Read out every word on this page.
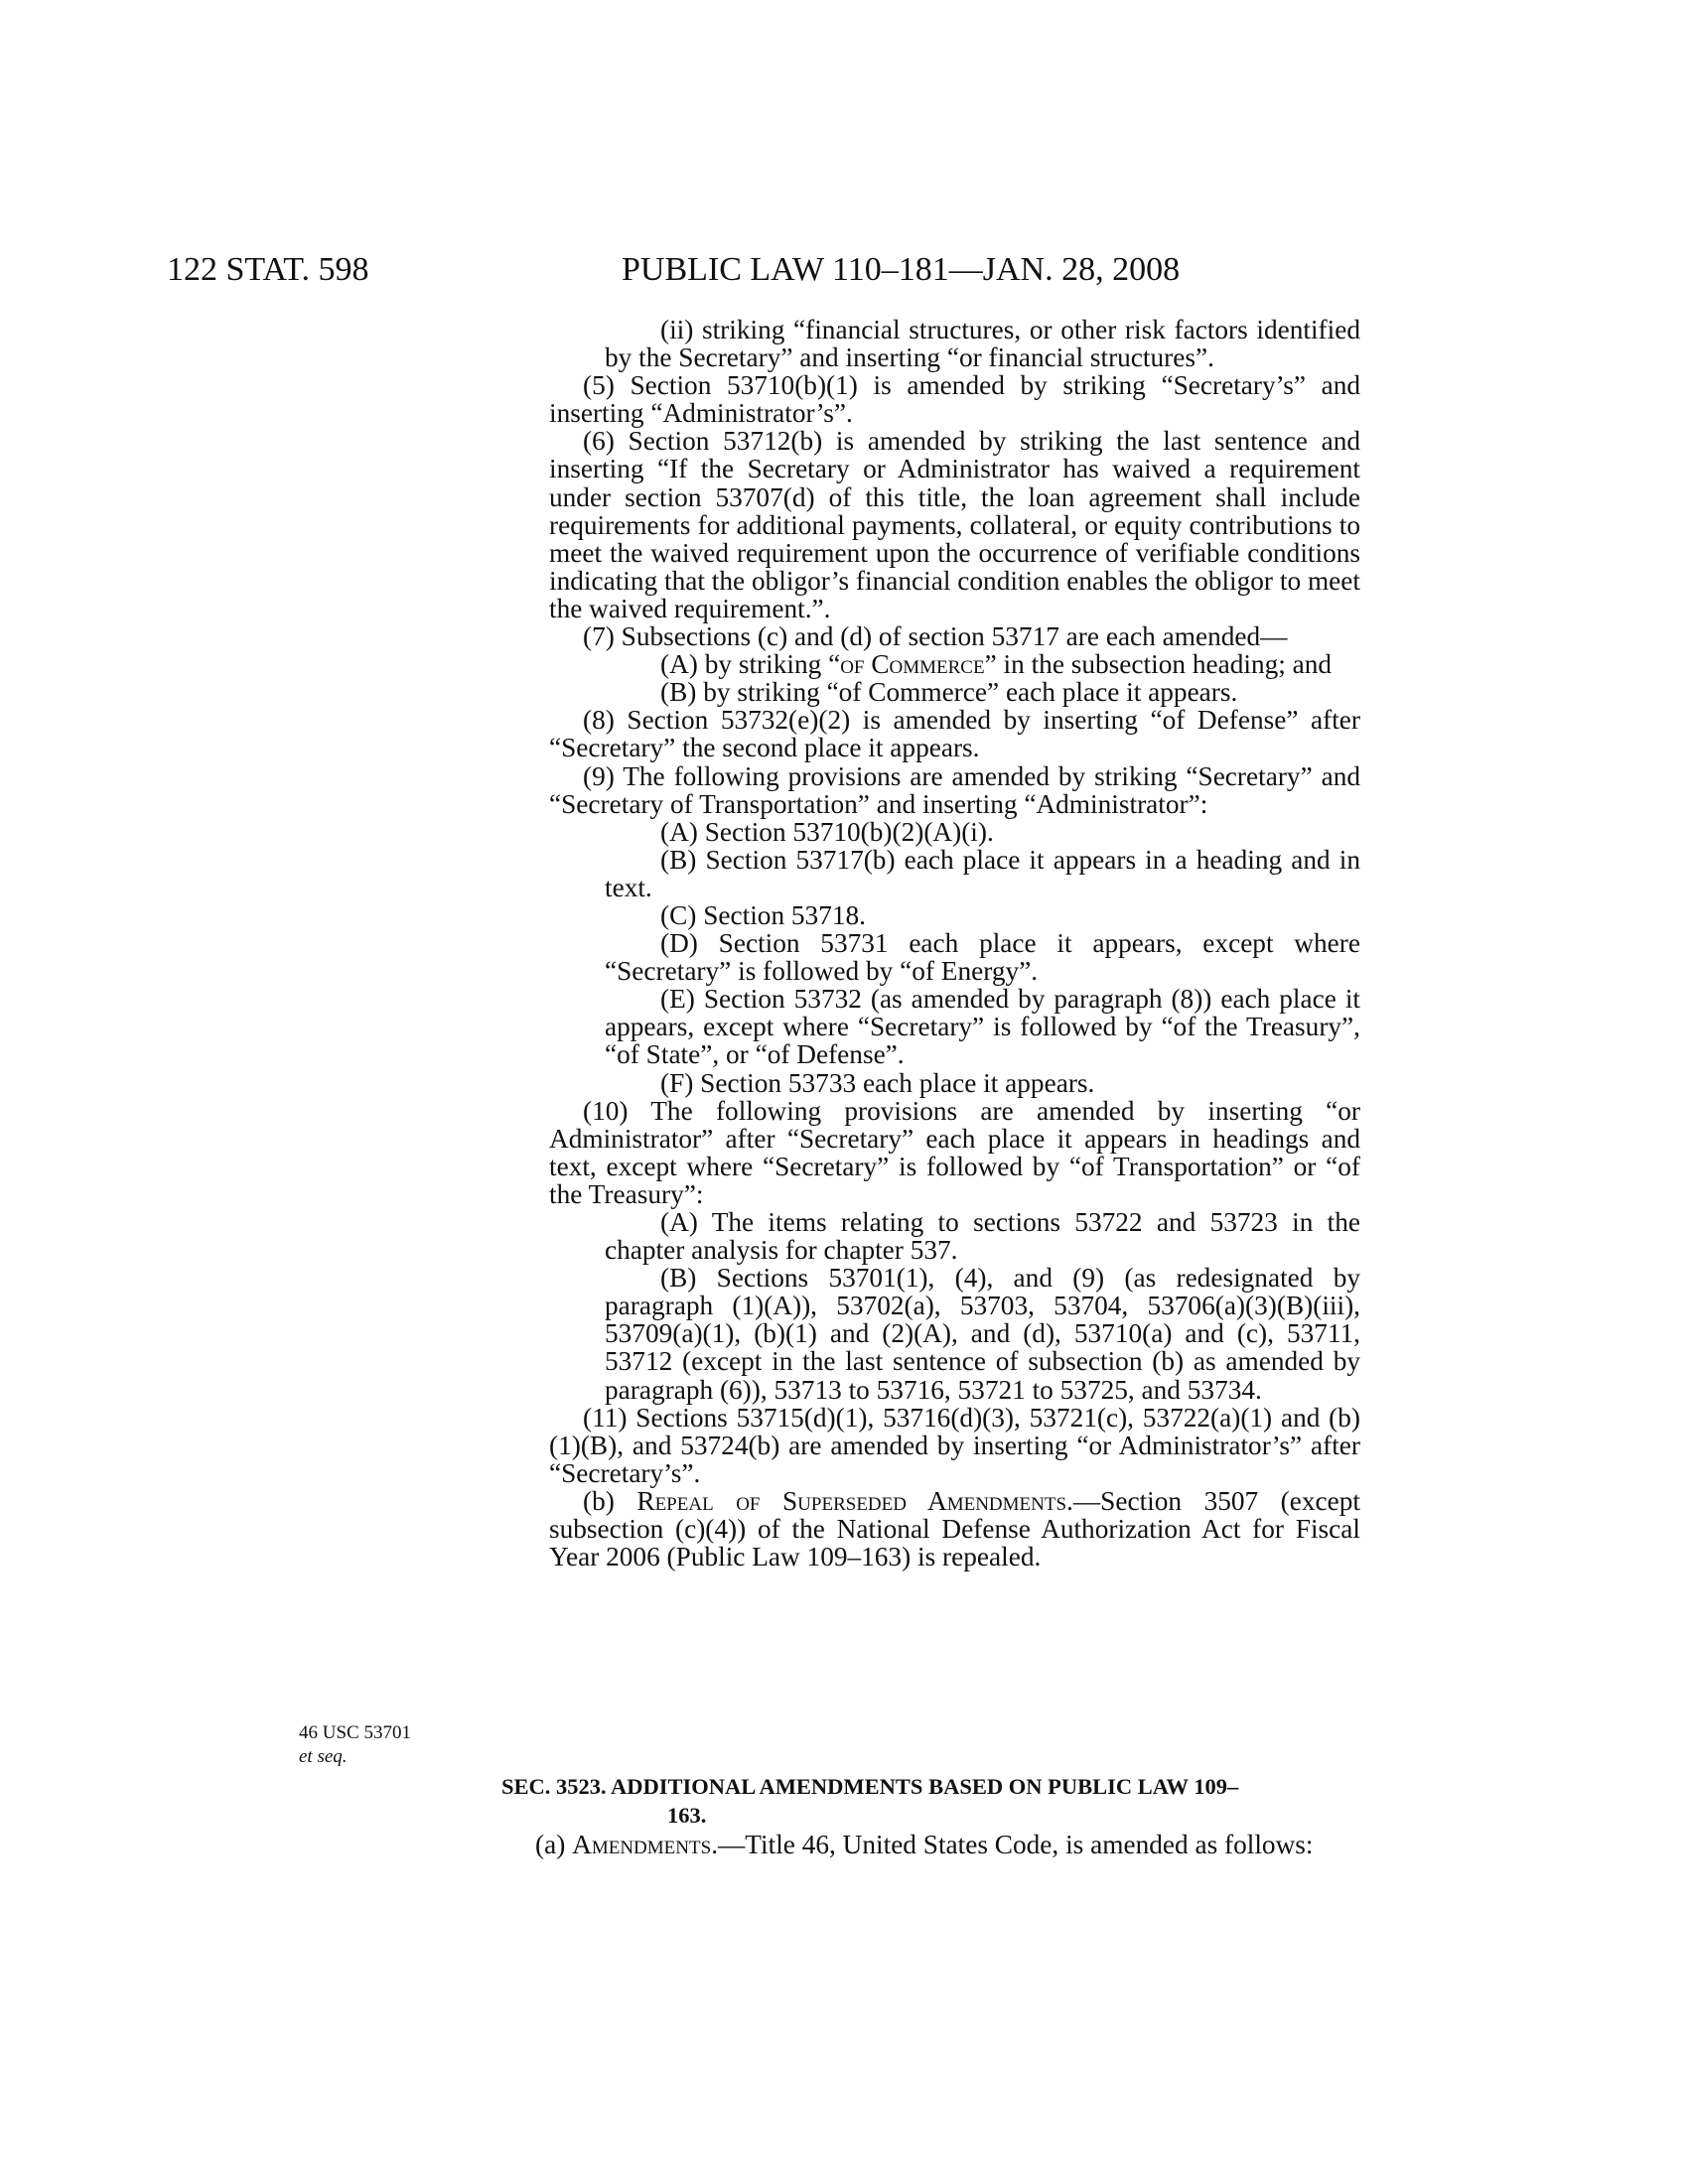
122 STAT. 598	PUBLIC LAW 110–181—JAN. 28, 2008

(ii) striking “financial structures, or other risk factors identified by the Secretary” and inserting “or financial structures”.

(5) Section 53710(b)(1) is amended by striking “Secretary’s” and inserting “Administrator’s”.

(6) Section 53712(b) is amended by striking the last sentence and inserting “If the Secretary or Administrator has waived a requirement under section 53707(d) of this title, the loan agreement shall include requirements for additional payments, collateral, or equity contributions to meet the waived requirement upon the occurrence of verifiable conditions indicating that the obligor’s financial condition enables the obligor to meet the waived requirement.”.

(7) Subsections (c) and (d) of section 53717 are each amended—

(A) by striking “of Commerce” in the subsection heading; and

(B) by striking “of Commerce” each place it appears.

(8) Section 53732(e)(2) is amended by inserting “of Defense” after “Secretary” the second place it appears.

(9) The following provisions are amended by striking “Secretary” and “Secretary of Transportation” and inserting “Administrator”:

(A) Section 53710(b)(2)(A)(i).

(B) Section 53717(b) each place it appears in a heading and in text.

(C) Section 53718.

(D) Section 53731 each place it appears, except where “Secretary” is followed by “of Energy”.

(E) Section 53732 (as amended by paragraph (8)) each place it appears, except where “Secretary” is followed by “of the Treasury”, “of State”, or “of Defense”.

(F) Section 53733 each place it appears.

(10) The following provisions are amended by inserting “or Administrator” after “Secretary” each place it appears in headings and text, except where “Secretary” is followed by “of Transportation” or “of the Treasury”:

(A) The items relating to sections 53722 and 53723 in the chapter analysis for chapter 537.

(B) Sections 53701(1), (4), and (9) (as redesignated by paragraph (1)(A)), 53702(a), 53703, 53704, 53706(a)(3)(B)(iii), 53709(a)(1), (b)(1) and (2)(A), and (d), 53710(a) and (c), 53711, 53712 (except in the last sentence of subsection (b) as amended by paragraph (6)), 53713 to 53716, 53721 to 53725, and 53734.

(11) Sections 53715(d)(1), 53716(d)(3), 53721(c), 53722(a)(1) and (b)(1)(B), and 53724(b) are amended by inserting “or Administrator’s” after “Secretary’s”.

(b) Repeal of Superseded Amendments.—Section 3507 (except subsection (c)(4)) of the National Defense Authorization Act for Fiscal Year 2006 (Public Law 109–163) is repealed.

46 USC 53701
et seq.
SEC. 3523. ADDITIONAL AMENDMENTS BASED ON PUBLIC LAW 109–
163.

(a) Amendments.—Title 46, United States Code, is amended as follows:
